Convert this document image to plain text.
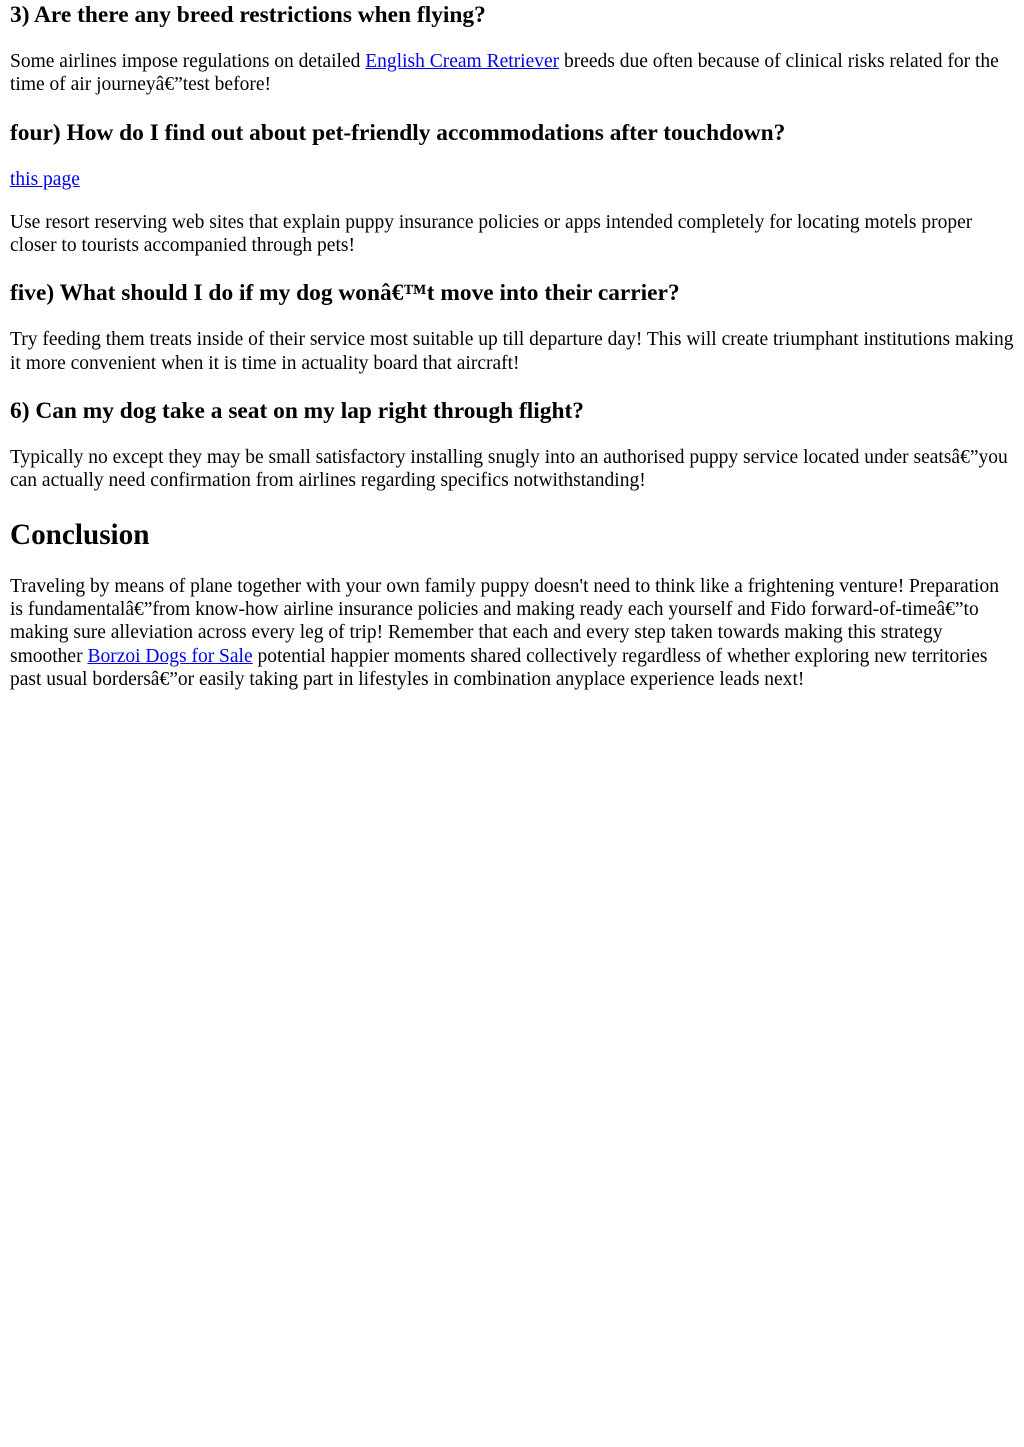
3) Are there any breed restrictions when flying?

Some airlines impose regulations on detailed English Cream Retriever breeds due often because of clinical risks related for the time of air journeyâ€”test before!

four) How do I find out about pet-friendly accommodations after touchdown?

this page

Use resort reserving web sites that explain puppy insurance policies or apps intended completely for locating motels proper closer to tourists accompanied through pets!

five) What should I do if my dog wonâ€™t move into their carrier?

Try feeding them treats inside of their service most suitable up till departure day! This will create triumphant institutions making it more convenient when it is time in actuality board that aircraft!

6) Can my dog take a seat on my lap right through flight?

Typically no except they may be small satisfactory installing snugly into an authorised puppy service located under seatsâ€”you can actually need confirmation from airlines regarding specifics notwithstanding!

Conclusion

Traveling by means of plane together with your own family puppy doesn't need to think like a frightening venture! Preparation is fundamentalâ€”from know-how airline insurance policies and making ready each yourself and Fido forward-of-timeâ€”to making sure alleviation across every leg of trip! Remember that each and every step taken towards making this strategy smoother Borzoi Dogs for Sale potential happier moments shared collectively regardless of whether exploring new territories past usual bordersâ€”or easily taking part in lifestyles in combination anyplace experience leads next!
